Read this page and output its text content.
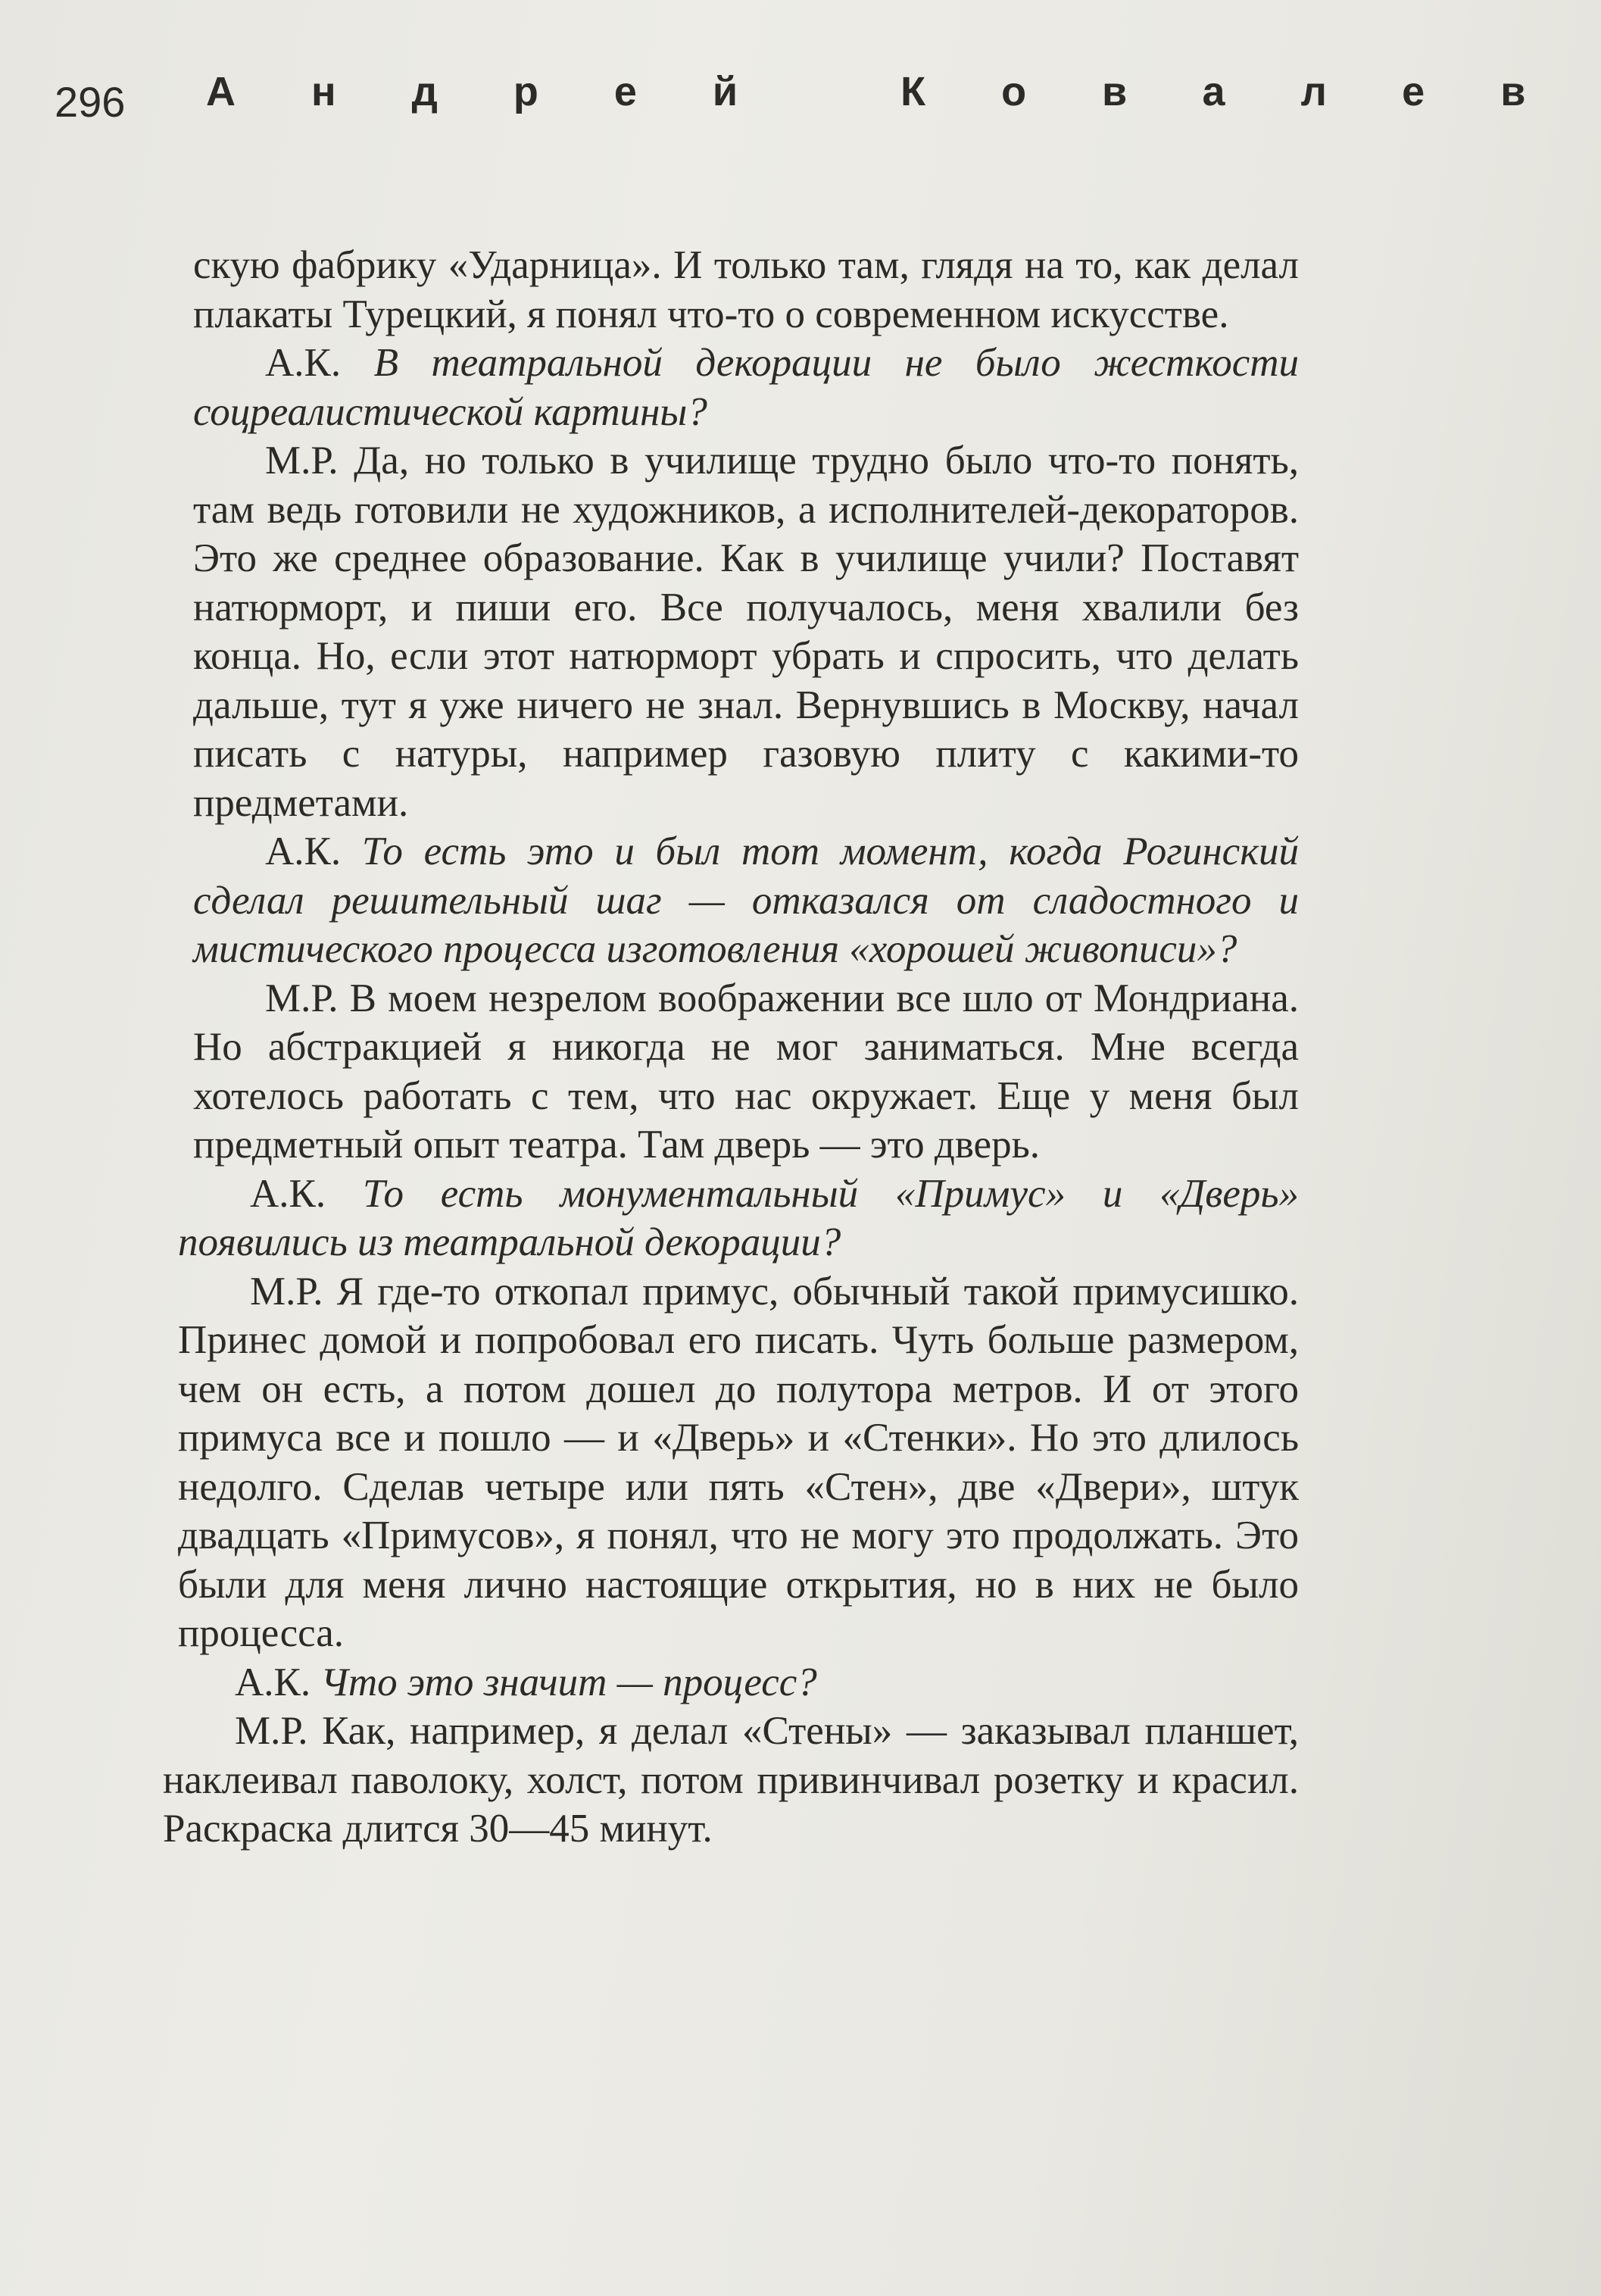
296 Андрей Ковалев

скую фабрику «Ударница». И только там, глядя на то, как делал плакаты Турецкий, я понял что-то о современном искусстве.

А.К. В театральной декорации не было жесткости соцреалистической картины?

М.Р. Да, но только в училище трудно было что-то понять, там ведь готовили не художников, а исполнителей-декораторов. Это же среднее образование. Как в училище учили? Поставят натюрморт, и пиши его. Все получалось, меня хвалили без конца. Но, если этот натюрморт убрать и спросить, что делать дальше, тут я уже ничего не знал. Вернувшись в Москву, начал писать с натуры, например газовую плиту с какими-то предметами.

А.К. То есть это и был тот момент, когда Рогинский сделал решительный шаг — отказался от сладостного и мистического процесса изготовления «хорошей живописи»?

М.Р. В моем незрелом воображении все шло от Мондриана. Но абстракцией я никогда не мог заниматься. Мне всегда хотелось работать с тем, что нас окружает. Еще у меня был предметный опыт театра. Там дверь — это дверь.

А.К. То есть монументальный «Примус» и «Дверь» появились из театральной декорации?

М.Р. Я где-то откопал примус, обычный такой примусишко. Принес домой и попробовал его писать. Чуть больше размером, чем он есть, а потом дошел до полутора метров. И от этого примуса все и пошло — и «Дверь» и «Стенки». Но это длилось недолго. Сделав четыре или пять «Стен», две «Двери», штук двадцать «Примусов», я понял, что не могу это продолжать. Это были для меня лично настоящие открытия, но в них не было процесса.

А.К. Что это значит — процесс?

М.Р. Как, например, я делал «Стены» — заказывал планшет, наклеивал паволоку, холст, потом привинчивал розетку и красил. Раскраска длится 30—45 минут.
